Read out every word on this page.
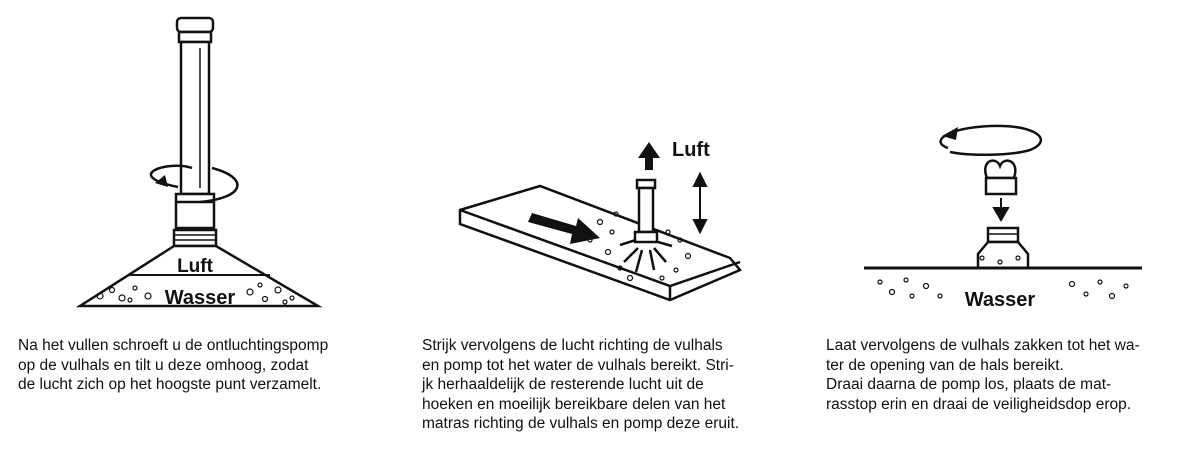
Luft
Wasser
Luft
Wasser

Na het vullen schroeft u de ontluchtingspomp
op de vulhals en tilt u deze omhoog, zodat
de lucht zich op het hoogste punt verzamelt.

Strijk vervolgens de lucht richting de vulhals
en pomp tot het water de vulhals bereikt. Stri-
jk herhaaldelijk de resterende lucht uit de
hoeken en moeilijk bereikbare delen van het
matras richting de vulhals en pomp deze eruit.

Laat vervolgens de vulhals zakken tot het wa-
ter de opening van de hals bereikt.
Draai daarna de pomp los, plaats de mat-
rasstop erin en draai de veiligheidsdop erop.
